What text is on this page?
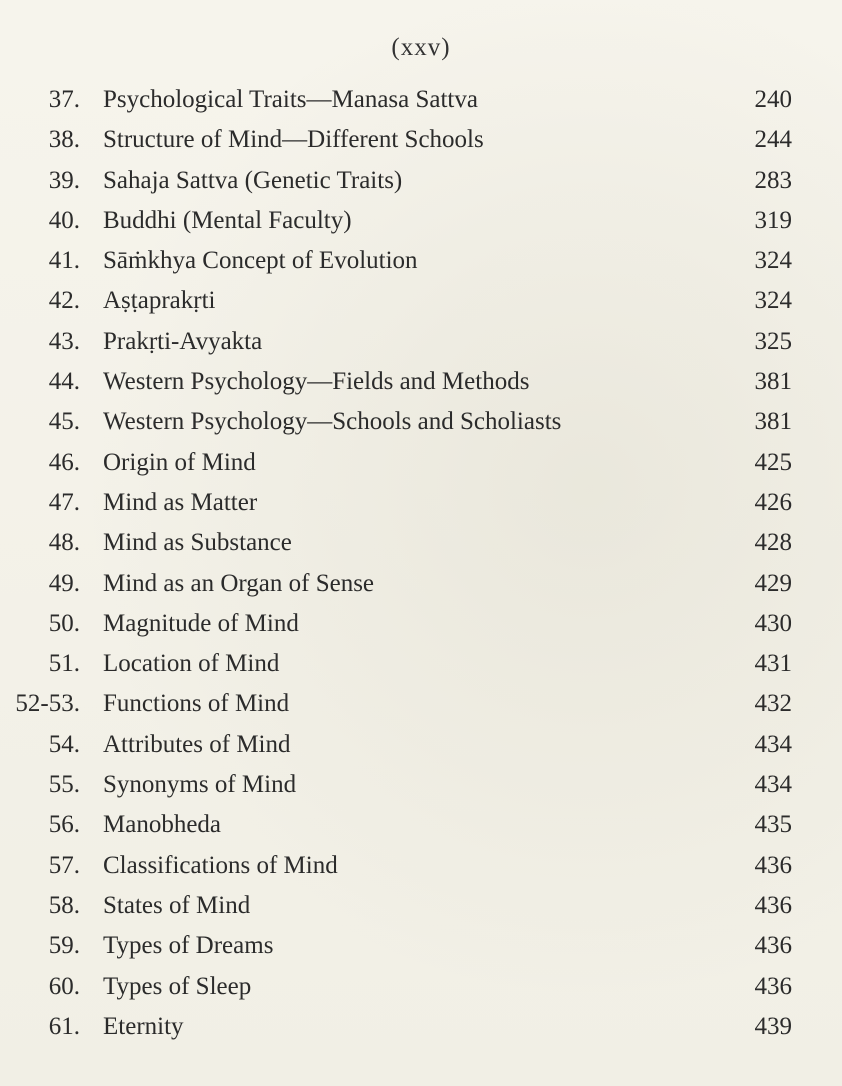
(xxv)
37. Psychological Traits—Manasa Sattva	240
38. Structure of Mind—Different Schools	244
39. Sahaja Sattva (Genetic Traits)	283
40. Buddhi (Mental Faculty)	319
41. Sāṁkhya Concept of Evolution	324
42. Aṣṭaprakṛti	324
43. Prakṛti-Avyakta	325
44. Western Psychology—Fields and Methods	381
45. Western Psychology—Schools and Scholiasts	381
46. Origin of Mind	425
47. Mind as Matter	426
48. Mind as Substance	428
49. Mind as an Organ of Sense	429
50. Magnitude of Mind	430
51. Location of Mind	431
52-53. Functions of Mind	432
54. Attributes of Mind	434
55. Synonyms of Mind	434
56. Manobheda	435
57. Classifications of Mind	436
58. States of Mind	436
59. Types of Dreams	436
60. Types of Sleep	436
61. Eternity	439
